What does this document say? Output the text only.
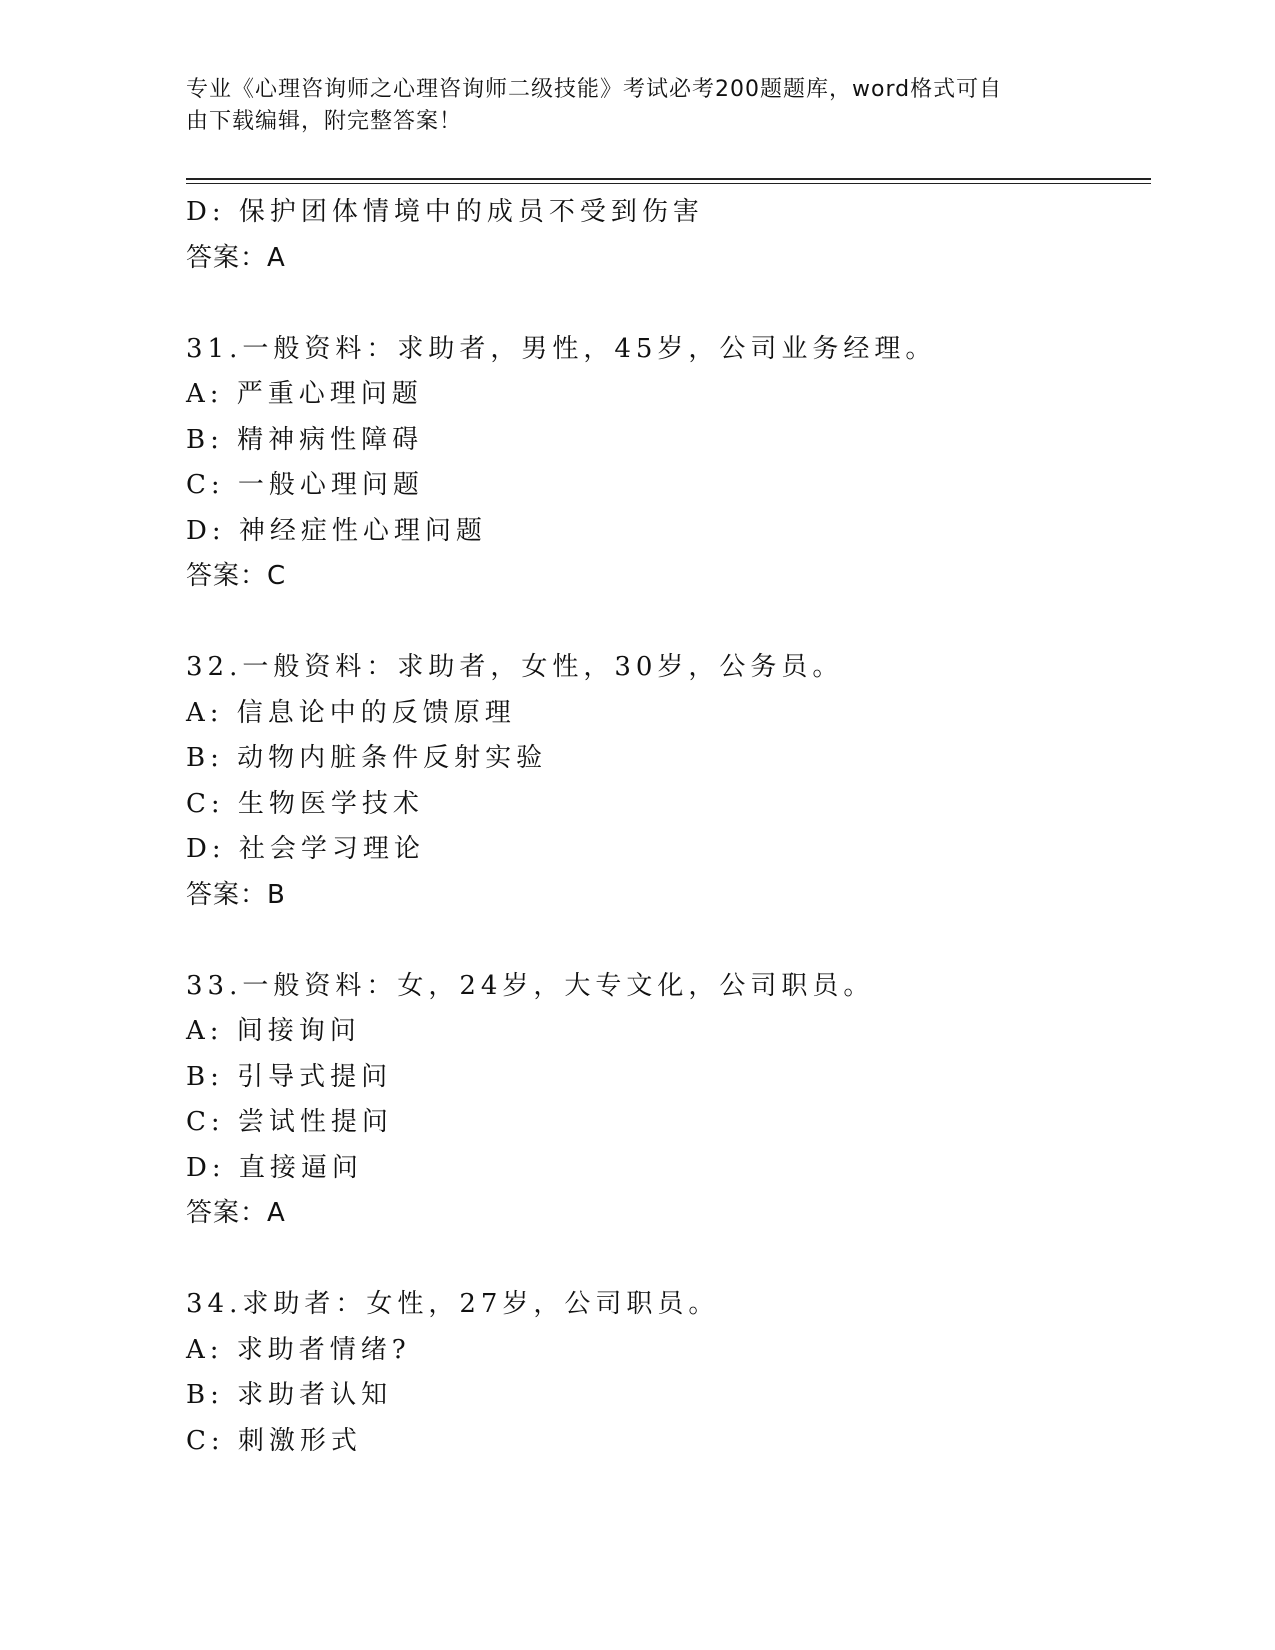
专业《心理咨询师之心理咨询师二级技能》考试必考200题题库，word格式可自
由下载编辑，附完整答案！
D: 保护团体情境中的成员不受到伤害
答案：A
31.一般资料：求助者，男性，45岁，公司业务经理。
A: 严重心理问题
B: 精神病性障碍
C: 一般心理问题
D: 神经症性心理问题
答案：C
32.一般资料：求助者，女性，30岁，公务员。
A: 信息论中的反馈原理
B: 动物内脏条件反射实验
C: 生物医学技术
D: 社会学习理论
答案：B
33.一般资料：女，24岁，大专文化，公司职员。
A: 间接询问
B: 引导式提问
C: 尝试性提问
D: 直接逼问
答案：A
34.求助者：女性，27岁，公司职员。
A: 求助者情绪?
B: 求助者认知
C: 刺激形式
